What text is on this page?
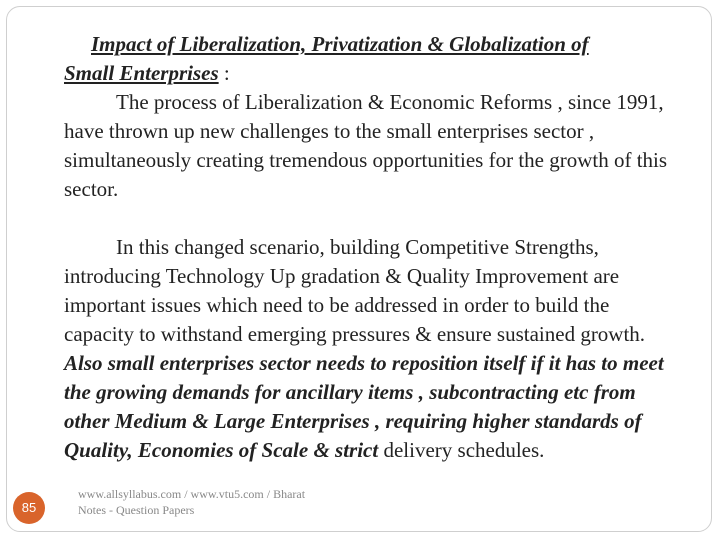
Impact of Liberalization, Privatization & Globalization of

Small Enterprises :

The process of Liberalization & Economic Reforms , since 1991, have thrown up new challenges to the small enterprises sector , simultaneously creating tremendous opportunities for the growth of this sector.

In this changed scenario, building Competitive Strengths, introducing Technology Up gradation & Quality Improvement are important issues which need to be addressed in order to build the capacity to withstand emerging pressures & ensure sustained growth. Also small enterprises sector needs to reposition itself if it has to meet the growing demands for ancillary items , subcontracting etc from other Medium & Large Enterprises , requiring higher standards of Quality, Economies of Scale & strict delivery schedules.

85
www.allsyllabus.com / www.vtu5.com / Bharat
Notes - Question Papers
